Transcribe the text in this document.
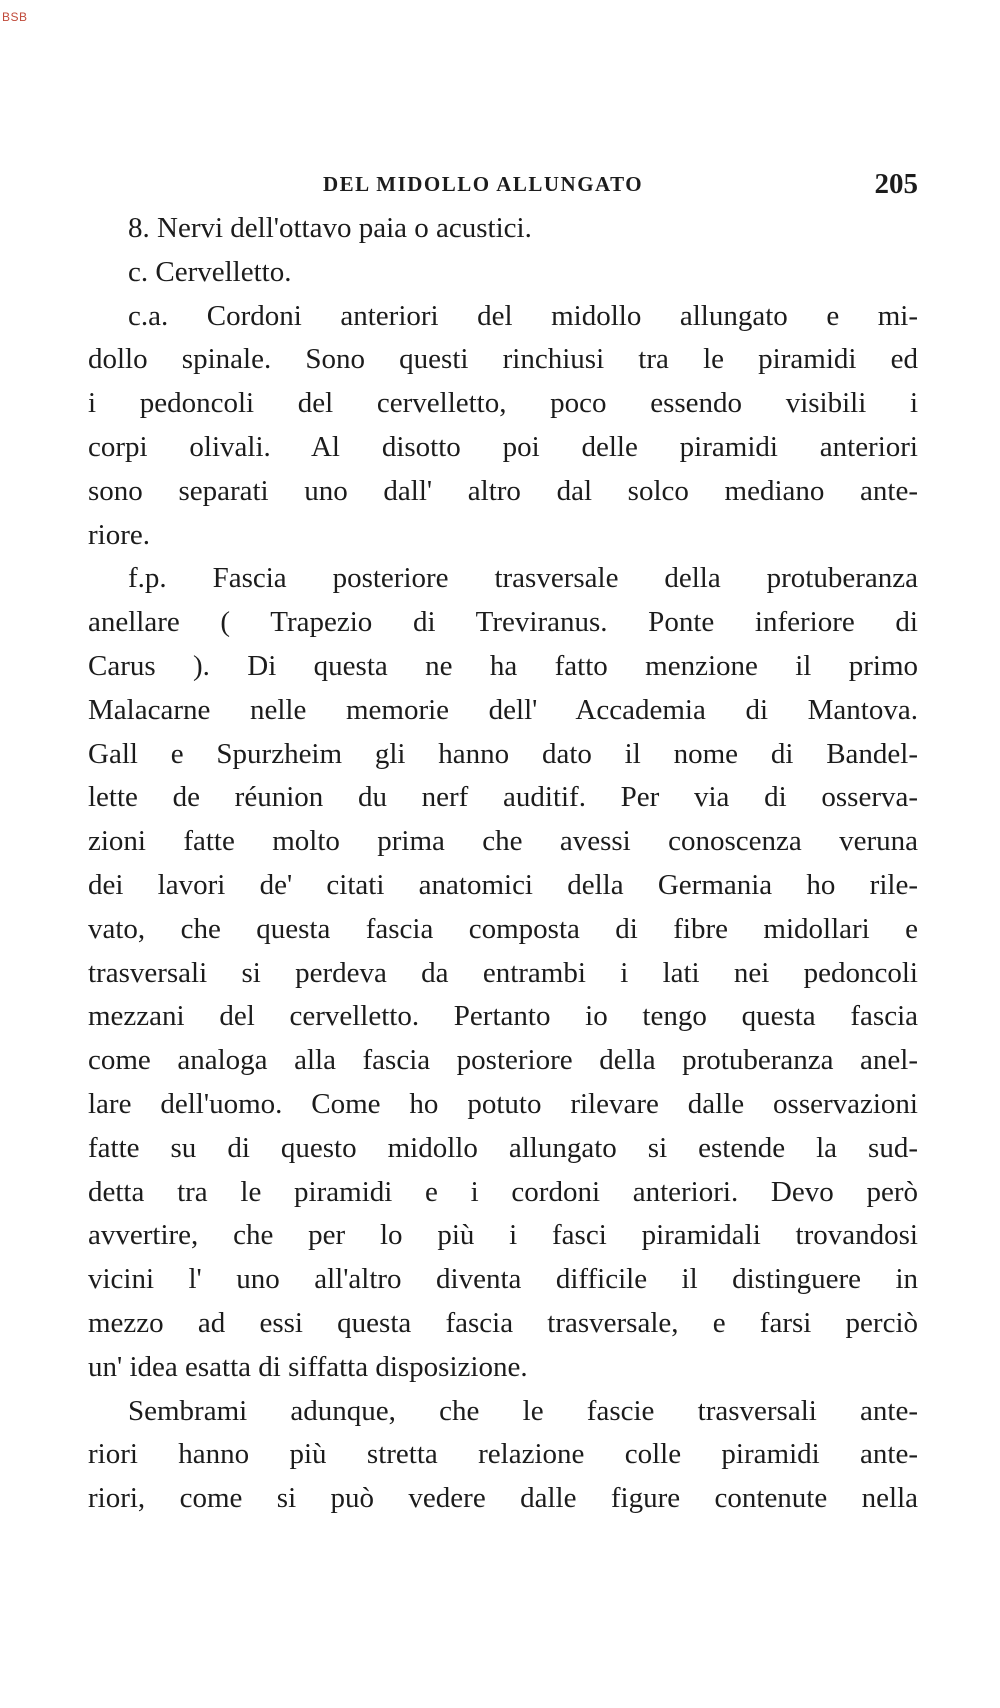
BSB
DEL MIDOLLO ALLUNGATO	205
8. Nervi dell'ottavo paia o acustici.
c. Cervelletto.
c.a. Cordoni anteriori del midollo allungato e mi-
dollo spinale. Sono questi rinchiusi tra le piramidi ed
i pedoncoli del cervelletto, poco essendo visibili i
corpi olivali. Al disotto poi delle piramidi anteriori
sono separati uno dall' altro dal solco mediano ante-
riore.
f.p. Fascia posteriore trasversale della protuberanza
anellare ( Trapezio di Treviranus. Ponte inferiore di
Carus ). Di questa ne ha fatto menzione il primo
Malacarne nelle memorie dell' Accademia di Mantova.
Gall e Spurzheim gli hanno dato il nome di Bandel-
lette de réunion du nerf auditif. Per via di osserva-
zioni fatte molto prima che avessi conoscenza veruna
dei lavori de' citati anatomici della Germania ho rile-
vato, che questa fascia composta di fibre midollari e
trasversali si perdeva da entrambi i lati nei pedoncoli
mezzani del cervelletto. Pertanto io tengo questa fascia
come analoga alla fascia posteriore della protuberanza anel-
lare dell'uomo. Come ho potuto rilevare dalle osservazioni
fatte su di questo midollo allungato si estende la sud-
detta tra le piramidi e i cordoni anteriori. Devo però
avvertire, che per lo più i fasci piramidali trovandosi
vicini l' uno all'altro diventa difficile il distinguere in
mezzo ad essi questa fascia trasversale, e farsi perciò
un' idea esatta di siffatta disposizione.
Sembrami adunque, che le fascie trasversali ante-
riori hanno più stretta relazione colle piramidi ante-
riori, come si può vedere dalle figure contenute nella
